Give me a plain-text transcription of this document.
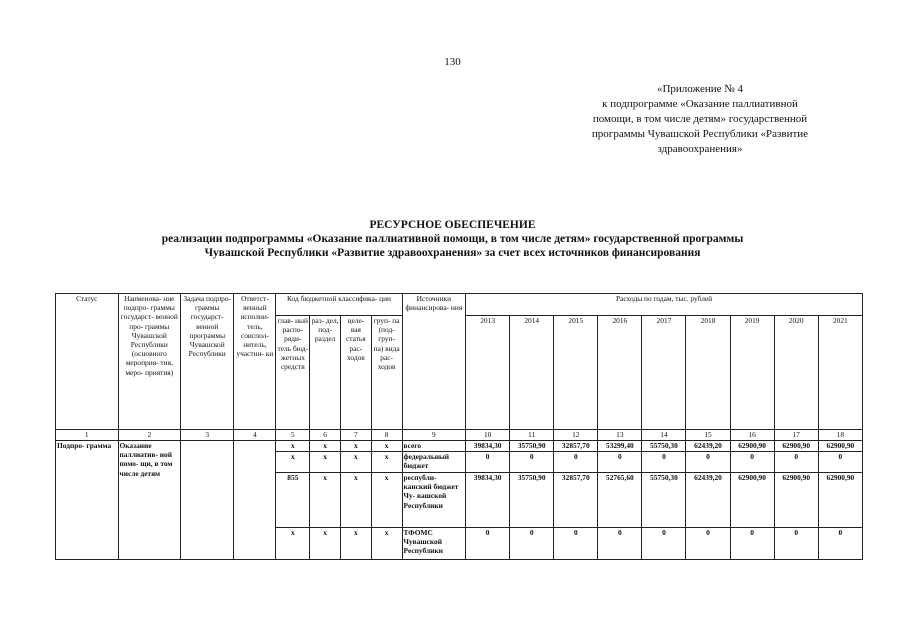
130
«Приложение № 4
к подпрограмме «Оказание паллиативной
помощи, в том числе детям» государственной
программы Чувашской Республики «Развитие
здравоохранения»
РЕСУРСНОЕ ОБЕСПЕЧЕНИЕ
реализации подпрограммы «Оказание паллиативной помощи, в том числе детям» государственной программы
Чувашской Республики «Развитие здравоохранения» за счет всех источников финансирования
Статус	Наименова- ние подпро- граммы государст- венной про- граммы Чувашской Республики (основного мероприя- тия, меро- приятия)	Задача подпро- граммы государст- венной программы Чувашской Республики	Ответст- венный исполни- тель, соиспол- нитель, участни- ки	Код бюджетной классифика- ции				Источники финансирова- ния	Расходы по годам, тыс. рублей								
				глав- ный распо- ряди- тель бюд- жетных средств	раз- дел, под- раздел	целе- вая статья рас- ходов	груп- па (под- груп- па) вида рас- ходов		2013	2014	2015	2016	2017	2018	2019	2020	2021
1	2	3	4	5	6	7	8	9	10	11	12	13	14	15	16	17	18
Подпро- грамма	Оказание паллиатив- ной помо- щи, в том числе детям			х	х	х	х	всего	39834,30	35750,90	32857,70	53299,40	55750,30	62439,20	62900,90	62900,90	62900,90
				х	х	х	х	федеральный бюджет	0	0	0	0	0	0	0	0	0
				855	х	х	х	республи- канский бюджет Чу- вашской Республики	39834,30	35750,90	32857,70	52765,60	55750,30	62439,20	62900,90	62900,90	62900,90
				х	х	х	х	ТФОМС Чувашской Республики	0	0	0	0	0	0	0	0	0
